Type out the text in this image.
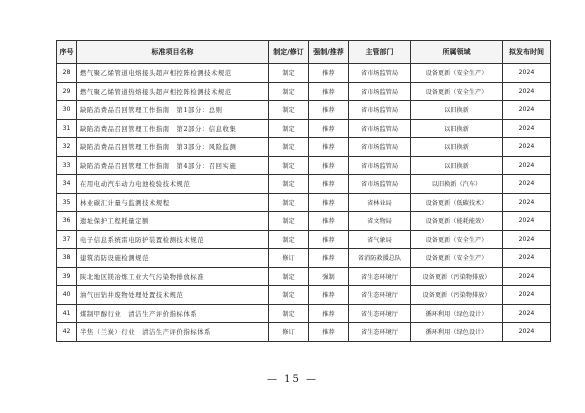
序号	标准项目名称	制定/修订	强制/推荐	主管部门	所属领域	拟发布时间
28	燃气聚乙烯管道电熔接头超声相控阵检测技术规范	制定	推荐	省市场监管局	设备更新（安全生产）	2024
29	燃气聚乙烯管道热熔接头超声相控阵检测技术规范	制定	推荐	省市场监管局	设备更新（安全生产）	2024
30	缺陷消费品召回管理工作指南　第1部分：总则	制定	推荐	省市场监管局	以旧换新	2024
31	缺陷消费品召回管理工作指南　第2部分：信息收集	制定	推荐	省市场监管局	以旧换新	2024
32	缺陷消费品召回管理工作指南　第3部分：风险监测	制定	推荐	省市场监管局	以旧换新	2024
33	缺陷消费品召回管理工作指南　第4部分：召回实施	制定	推荐	省市场监管局	以旧换新	2024
34	在用电动汽车动力电池检验技术规范	制定	推荐	省市场监管局	以旧换新（汽车）	2024
35	林业碳汇计量与监测技术规程	制定	推荐	省林业局	设备更新（低碳技术）	2024
36	遗址保护工程耗量定额	制定	推荐	省文物局	设备更新（能耗能效）	2024
37	电子信息系统雷电防护装置检测技术规范	制定	推荐	省气象局	设备更新（安全生产）	2024
38	建筑消防设施检测规范	修订	推荐	省消防救援总队	设备更新（安全生产）	2024
39	陕北地区镁冶炼工业大气污染物排放标准	制定	强制	省生态环境厅	设备更新（污染物排放）	2024
40	油气田钻井废物处理处置技术规范	制定	推荐	省生态环境厅	设备更新（污染物排放）	2024
41	煤制甲醇行业　清洁生产评价指标体系	制定	推荐	省生态环境厅	循环利用（绿色设计）	2024
42	半焦（兰炭）行业　清洁生产评价指标体系	修订	推荐	省生态环境厅	循环利用（绿色设计）	2024
— 15 —
